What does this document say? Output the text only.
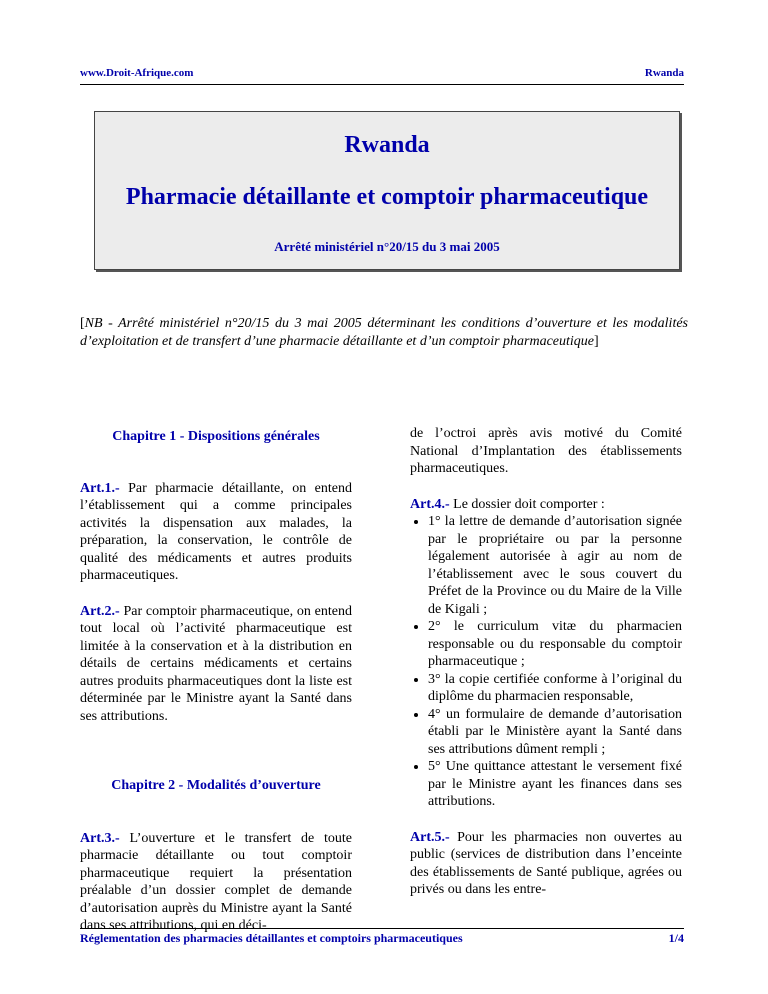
www.Droit-Afrique.com	Rwanda
Rwanda
Pharmacie détaillante et comptoir pharmaceutique
Arrêté ministériel n°20/15 du 3 mai 2005
[NB - Arrêté ministériel n°20/15 du 3 mai 2005 déterminant les conditions d’ouverture et les modalités d’exploitation et de transfert d’une pharmacie détaillante et d’un comptoir pharmaceutique]

Chapitre 1 - Dispositions générales

Art.1.- Par pharmacie détaillante, on entend l’établissement qui a comme principales activités la dispensation aux malades, la préparation, la conservation, le contrôle de qualité des médicaments et autres produits pharmaceutiques.

Art.2.- Par comptoir pharmaceutique, on entend tout local où l’activité pharmaceutique est limitée à la conservation et à la distribution en détails de certains médicaments et certains autres produits pharmaceutiques dont la liste est déterminée par le Ministre ayant la Santé dans ses attributions.

Chapitre 2 - Modalités d’ouverture

Art.3.- L’ouverture et le transfert de toute pharmacie détaillante ou tout comptoir pharmaceutique requiert la présentation préalable d’un dossier complet de demande d’autorisation auprès du Ministre ayant la Santé dans ses attributions, qui en déci-

de l’octroi après avis motivé du Comité National d’Implantation des établissements pharmaceutiques.

Art.4.- Le dossier doit comporter :

• 1° la lettre de demande d’autorisation signée par le propriétaire ou par la personne légalement autorisée à agir au nom de l’établissement avec le sous couvert du Préfet de la Province ou du Maire de la Ville de Kigali ;
• 2° le curriculum vitæ du pharmacien responsable ou du responsable du comptoir pharmaceutique ;
• 3° la copie certifiée conforme à l’original du diplôme du pharmacien responsable,
• 4° un formulaire de demande d’autorisation établi par le Ministère ayant la Santé dans ses attributions dûment rempli ;
• 5° Une quittance attestant le versement fixé par le Ministre ayant les finances dans ses attributions.

Art.5.- Pour les pharmacies non ouvertes au public (services de distribution dans l’enceinte des établissements de Santé publique, agrées ou privés ou dans les entre-

Réglementation des pharmacies détaillantes et comptoirs pharmaceutiques	1/4
